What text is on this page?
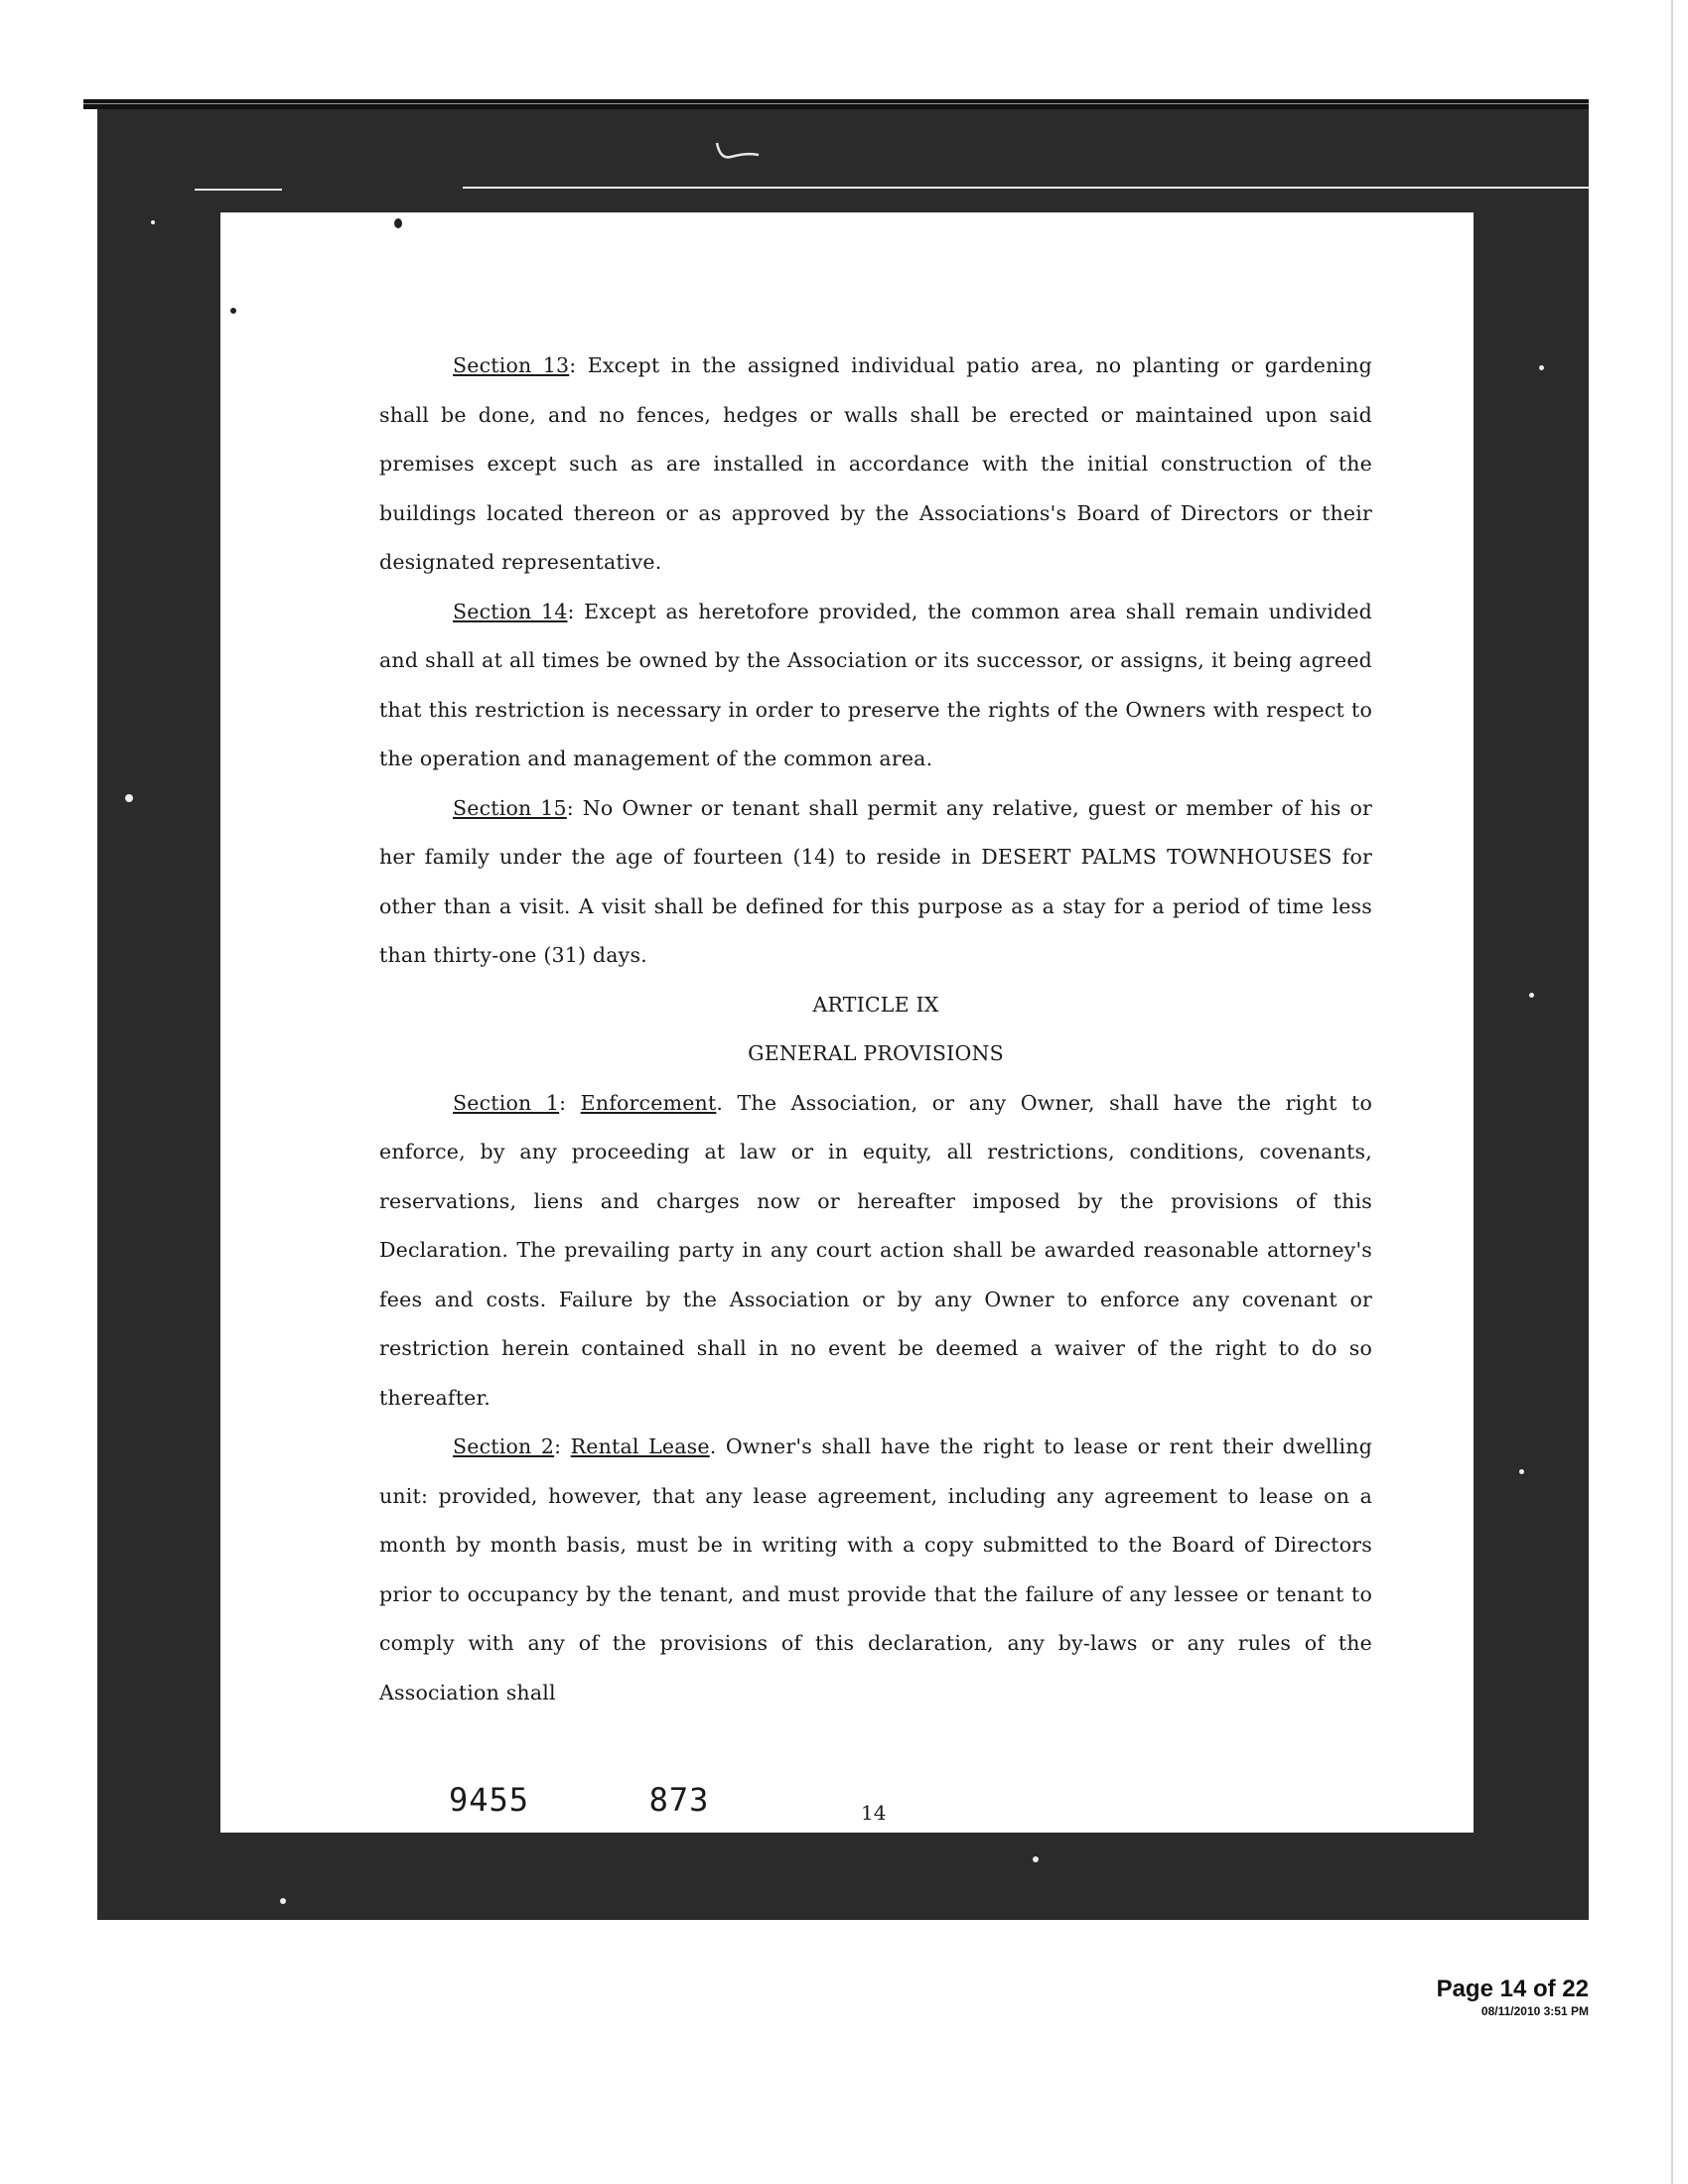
Section 13: Except in the assigned individual patio area, no planting or gardening shall be done, and no fences, hedges or walls shall be erected or maintained upon said premises except such as are installed in accordance with the initial construction of the buildings located thereon or as approved by the Associations's Board of Directors or their designated representative.

Section 14: Except as heretofore provided, the common area shall remain undivided and shall at all times be owned by the Association or its successor, or assigns, it being agreed that this restriction is necessary in order to preserve the rights of the Owners with respect to the operation and management of the common area.

Section 15: No Owner or tenant shall permit any relative, guest or member of his or her family under the age of fourteen (14) to reside in DESERT PALMS TOWNHOUSES for other than a visit. A visit shall be defined for this purpose as a stay for a period of time less than thirty-one (31) days.

ARTICLE IX

GENERAL PROVISIONS

Section 1: Enforcement. The Association, or any Owner, shall have the right to enforce, by any proceeding at law or in equity, all restrictions, conditions, covenants, reservations, liens and charges now or hereafter imposed by the provisions of this Declaration. The prevailing party in any court action shall be awarded reasonable attorney's fees and costs. Failure by the Association or by any Owner to enforce any covenant or restriction herein contained shall in no event be deemed a waiver of the right to do so thereafter.

Section 2: Rental Lease. Owner's shall have the right to lease or rent their dwelling unit: provided, however, that any lease agreement, including any agreement to lease on a month by month basis, must be in writing with a copy submitted to the Board of Directors prior to occupancy by the tenant, and must provide that the failure of any lessee or tenant to comply with any of the provisions of this declaration, any by-laws or any rules of the Association shall

9455	873	14
Page 14 of 22
08/11/2010 3:51 PM
